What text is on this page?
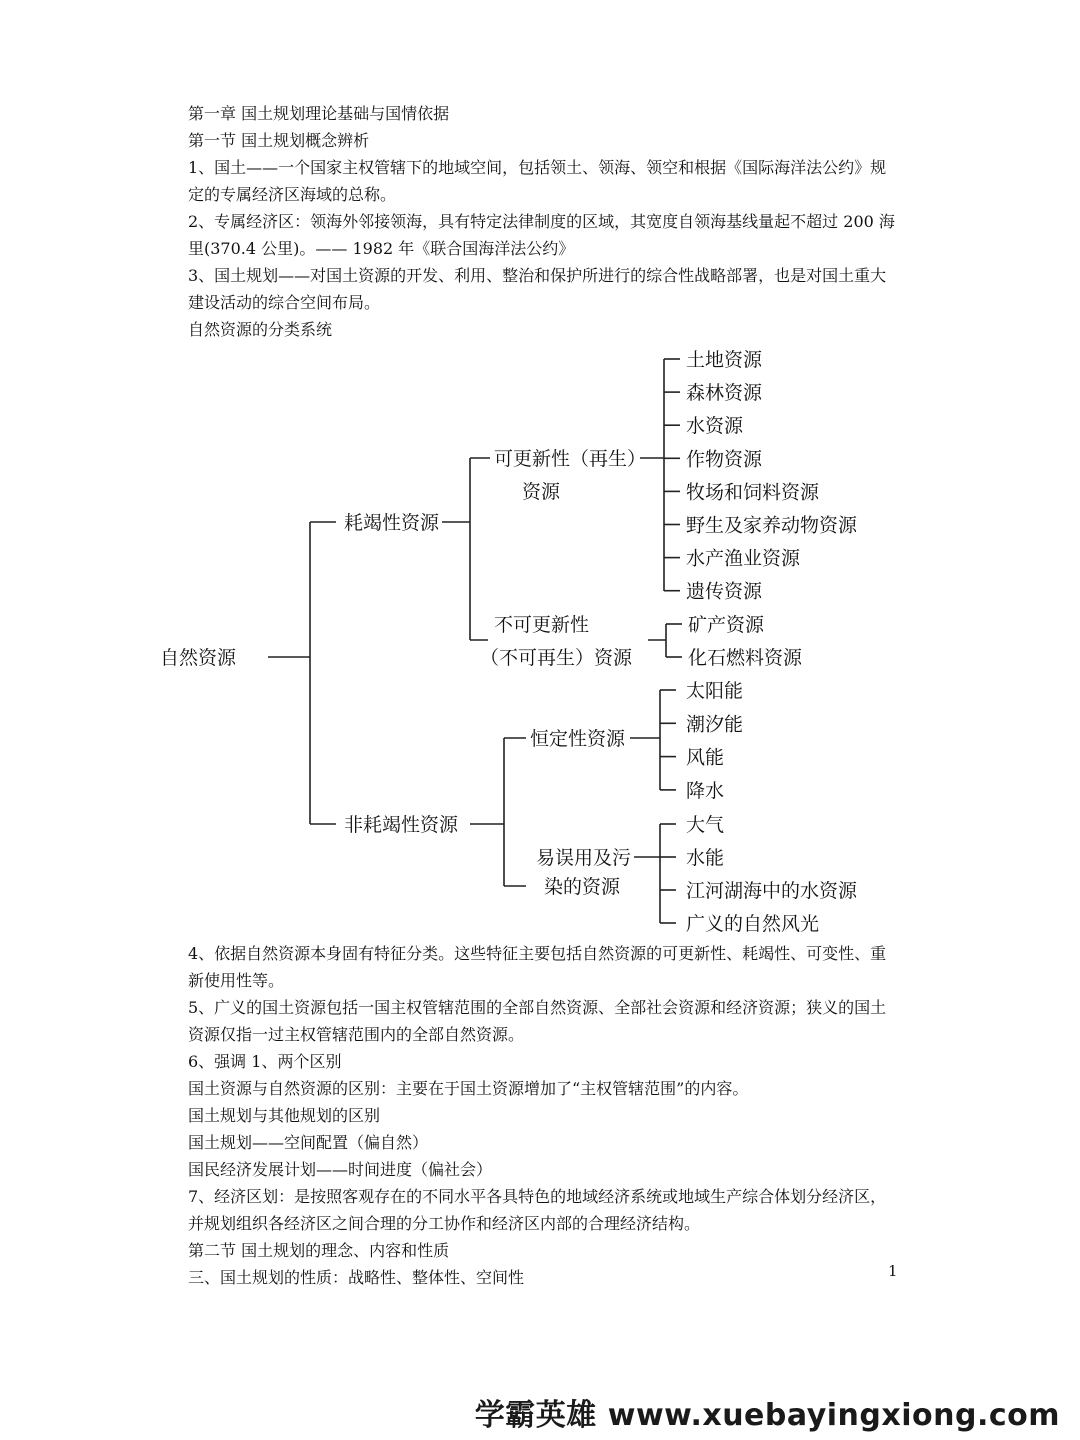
第一章 国土规划理论基础与国情依据
第一节 国土规划概念辨析

1、国土——一个国家主权管辖下的地域空间，包括领土、领海、领空和根据《国际海洋法公约》规定的专属经济区海域的总称。

2、专属经济区：领海外邻接领海，具有特定法律制度的区域，其宽度自领海基线量起不超过 200 海里(370.4 公里)。—— 1982 年《联合国海洋法公约》

3、国土规划——对国土资源的开发、利用、整治和保护所进行的综合性战略部署，也是对国土重大建设活动的综合空间布局。

自然资源的分类系统
自然资源
耗竭性资源
可更新性（再生）
资源
不可更新性
（不可再生）资源
非耗竭性资源
恒定性资源
易误用及污
染的资源
土地资源
森林资源
水资源
作物资源
牧场和饲料资源
野生及家养动物资源
水产渔业资源
遗传资源
矿产资源
化石燃料资源
太阳能
潮汐能
风能
降水
大气
水能
江河湖海中的水资源
广义的自然风光

4、依据自然资源本身固有特征分类。这些特征主要包括自然资源的可更新性、耗竭性、可变性、重新使用性等。

5、广义的国土资源包括一国主权管辖范围的全部自然资源、全部社会资源和经济资源；狭义的国土资源仅指一过主权管辖范围内的全部自然资源。

6、强调 1、两个区别
国土资源与自然资源的区别：主要在于国土资源增加了“主权管辖范围”的内容。
国土规划与其他规划的区别
国土规划——空间配置（偏自然）
国民经济发展计划——时间进度（偏社会）

7、经济区划：是按照客观存在的不同水平各具特色的地域经济系统或地域生产综合体划分经济区，并规划组织各经济区之间合理的分工协作和经济区内部的合理经济结构。

第二节 国土规划的理念、内容和性质
三、国土规划的性质：战略性、整体性、空间性	1
学霸英雄 www.xuebayingxiong.com
